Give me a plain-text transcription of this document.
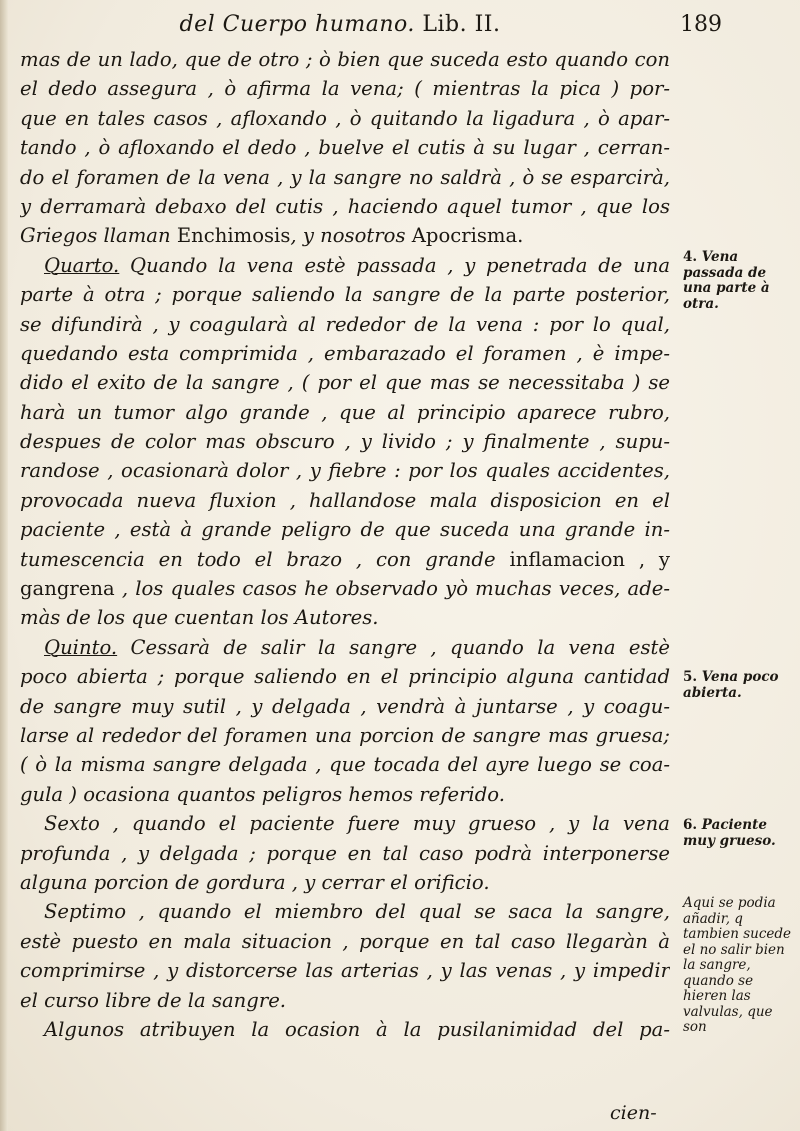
del Cuerpo humano. Lib. II.	189
mas de un lado, que de otro ; ò bien que suceda esto quando con
el dedo assegura , ò afirma la vena; ( mientras la pica ) por-
que en tales casos , afloxando , ò quitando la ligadura , ò apar-
tando , ò afloxando el dedo , buelve el cutis à su lugar , cerran-
do el foramen de la vena , y la sangre no saldrà , ò se esparcirà,
y derramarà debaxo del cutis , haciendo aquel tumor , que los
Griegos llaman Enchimosis, y nosotros Apocrisma.
Quarto. Quando la vena estè passada , y penetrada de una
parte à otra ; porque saliendo la sangre de la parte posterior,
se difundirà , y coagularà al rededor de la vena : por lo qual,
quedando esta comprimida , embarazado el foramen , è impe-
dido el exito de la sangre , ( por el que mas se necessitaba ) se
harà un tumor algo grande , que al principio aparece rubro,
despues de color mas obscuro , y livido ; y finalmente , supu-
randose , ocasionarà dolor , y fiebre : por los quales accidentes,
provocada nueva fluxion , hallandose mala disposicion en el
paciente , està à grande peligro de que suceda una grande in-
tumescencia en todo el brazo , con grande inflamacion , y
gangrena , los quales casos he observado yò muchas veces, ade-
màs de los que cuentan los Autores.
Quinto. Cessarà de salir la sangre , quando la vena estè
poco abierta ; porque saliendo en el principio alguna cantidad
de sangre muy sutil , y delgada , vendrà à juntarse , y coagu-
larse al rededor del foramen una porcion de sangre mas gruesa;
( ò la misma sangre delgada , que tocada del ayre luego se coa-
gula ) ocasiona quantos peligros hemos referido.
Sexto , quando el paciente fuere muy grueso , y la vena
profunda , y delgada ; porque en tal caso podrà interponerse
alguna porcion de gordura , y cerrar el orificio.
Septimo , quando el miembro del qual se saca la sangre,
estè puesto en mala situacion , porque en tal caso llegaràn à
comprimirse , y distorcerse las arterias , y las venas , y impedir
el curso libre de la sangre.
Algunos atribuyen la ocasion à la pusilanimidad del pa-
cien-
4. Vena passada de una parte à otra.
5. Vena poco abierta.
6. Paciente muy grueso.
Aqui se podia añadir, q tambien sucede el no salir bien la sangre, quando se hieren las valvulas, que son
